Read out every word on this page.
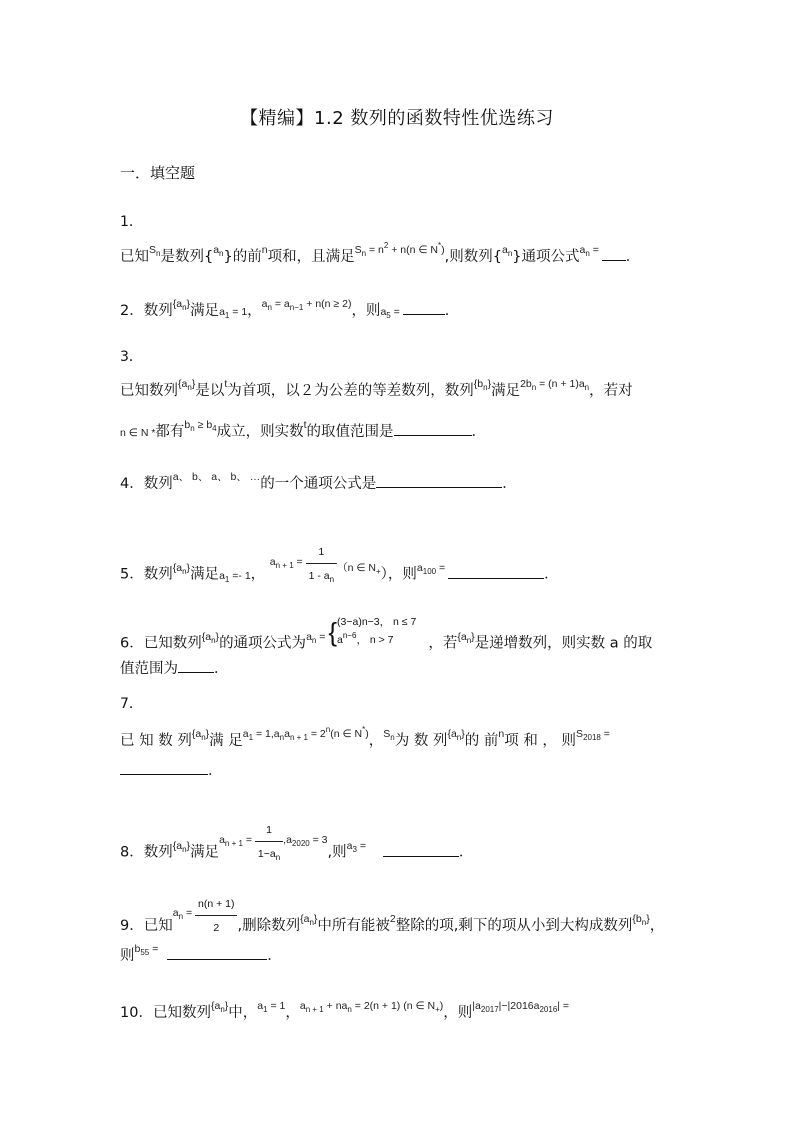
【精编】1.2 数列的函数特性优选练习
一．填空题
1．
已知$^{S_n}$是数列{$^{a_n}$}的前$^n$项和，且满足$^{S_n = n^2 + n(n \in N^*)}$,则数列{$^{a_n}$}通项公式$^{a_n =}$ ．
2．数列$^{\{a_n\}}$满足$a_1 = 1$，$^{a_n = a_{n-1} + n(n \ge 2)}$，则$a_5$ =	．
3．
已知数列$^{\{a_n\}}$是以$^t$为首项，以２为公差的等差数列，数列$^{\{b_n\}}$满足$^{2b_n = (n + 1)a_n}$，若对
n ∈ N *都有$^{b_n \ge b_4}$成立，则实数$^t$的取值范围是	．
4．数列$^{a、 b、 a、 b、 \dots}$的一个通项公式是	．
5．数列$^{\{a_n\}}$满足$a_1 =- 1$， $^{a_{n + 1} =} \frac{1}{1 - a_n} ^{(n \in N_+}$），则$^{a_{100} =}$	．
6．已知数列$^{\{a_n\}}$的通项公式为$^{a_n =}$ { (3−a)n−3， n ≤ 7
$a^{n-6}$， n > 7	，若$^{\{a_n\}}$是递增数列，则实数 a 的取
值范围为 ．
7．
已 知 数 列$^{\{a_n\}}$满 足$^{a_1 = 1,a_na_{n + 1} = 2^n(n \in N^*)}$，$^{S_n}$为 数 列$^{\{a_n\}}$的 前$^n$项 和 ， 则$^{S_{2018} =}$
．
8．数列$^{\{a_n\}}$满足$^{a_{n + 1} =} \frac{1}{1-a_n} ^{,a_{2020} = 3}$,则$^{a_3 =}$	．
9．已知$^{a_n =} \frac{n(n + 1)}{2}$ ,删除数列$^{\{a_n\}}$中所有能被$^2$整除的项,剩下的项从小到大构成数列$^{\{b_n\}}$，
则$^{b_{55} =}$	．
10．已知数列$^{\{a_n\}}$中，$^{a_1 = 1}$，$^{a_{n + 1} + na_n = 2(n + 1) (n \in N_+)}$，则$^{|a_{2017}|-|2016a_{2016}| =}$
